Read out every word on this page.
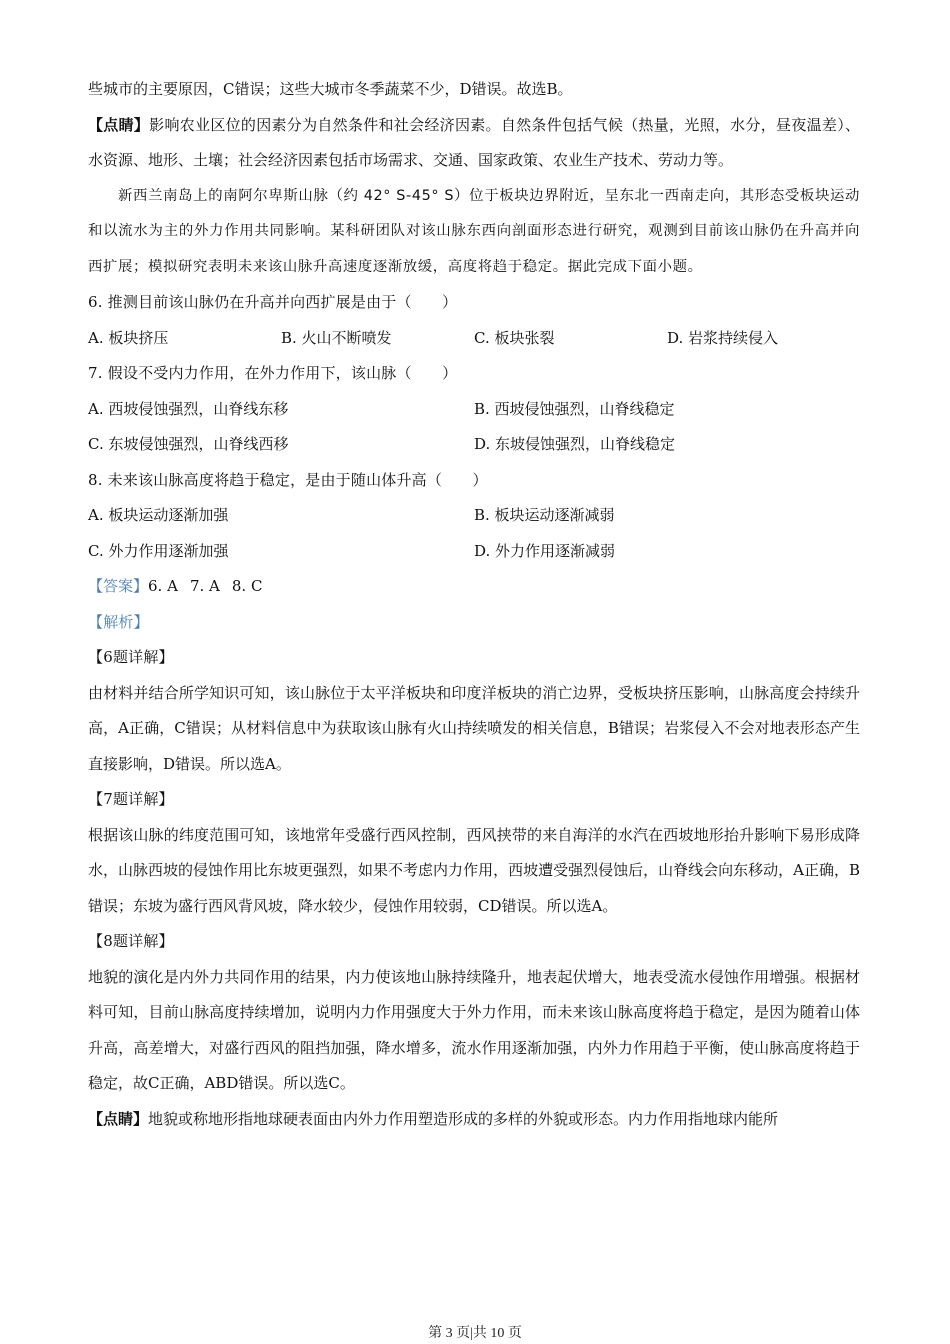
些城市的主要原因，C错误；这些大城市冬季蔬菜不少，D错误。故选B。
【点睛】影响农业区位的因素分为自然条件和社会经济因素。自然条件包括气候（热量，光照，水分，昼夜温差）、水资源、地形、土壤；社会经济因素包括市场需求、交通、国家政策、农业生产技术、劳动力等。
新西兰南岛上的南阿尔卑斯山脉（约 42° S-45° S）位于板块边界附近，呈东北一西南走向，其形态受板块运动和以流水为主的外力作用共同影响。某科研团队对该山脉东西向剖面形态进行研究，观测到目前该山脉仍在升高并向西扩展；模拟研究表明未来该山脉升高速度逐渐放缓，高度将趋于稳定。据此完成下面小题。
6. 推测目前该山脉仍在升高并向西扩展是由于（　　）
A. 板块挤压	B. 火山不断喷发	C. 板块张裂	D. 岩浆持续侵入
7. 假设不受内力作用，在外力作用下，该山脉（　　）
A. 西坡侵蚀强烈，山脊线东移	B. 西坡侵蚀强烈，山脊线稳定
C. 东坡侵蚀强烈，山脊线西移	D. 东坡侵蚀强烈，山脊线稳定
8. 未来该山脉高度将趋于稳定，是由于随山体升高（　　）
A. 板块运动逐渐加强	B. 板块运动逐渐减弱
C. 外力作用逐渐加强	D. 外力作用逐渐减弱
【答案】6. A 7. A 8. C
【解析】
【6题详解】
由材料并结合所学知识可知，该山脉位于太平洋板块和印度洋板块的消亡边界，受板块挤压影响，山脉高度会持续升高，A正确，C错误；从材料信息中为获取该山脉有火山持续喷发的相关信息，B错误；岩浆侵入不会对地表形态产生直接影响，D错误。所以选A。
【7题详解】
根据该山脉的纬度范围可知，该地常年受盛行西风控制，西风挟带的来自海洋的水汽在西坡地形抬升影响下易形成降水，山脉西坡的侵蚀作用比东坡更强烈，如果不考虑内力作用，西坡遭受强烈侵蚀后，山脊线会向东移动，A正确，B错误；东坡为盛行西风背风坡，降水较少，侵蚀作用较弱，CD错误。所以选A。
【8题详解】
地貌的演化是内外力共同作用的结果，内力使该地山脉持续隆升，地表起伏增大，地表受流水侵蚀作用增强。根据材料可知，目前山脉高度持续增加，说明内力作用强度大于外力作用，而未来该山脉高度将趋于稳定，是因为随着山体升高，高差增大，对盛行西风的阻挡加强，降水增多，流水作用逐渐加强，内外力作用趋于平衡，使山脉高度将趋于稳定，故C正确，ABD错误。所以选C。
【点睛】地貌或称地形指地球硬表面由内外力作用塑造形成的多样的外貌或形态。内力作用指地球内能所
第 3 页|共 10 页
